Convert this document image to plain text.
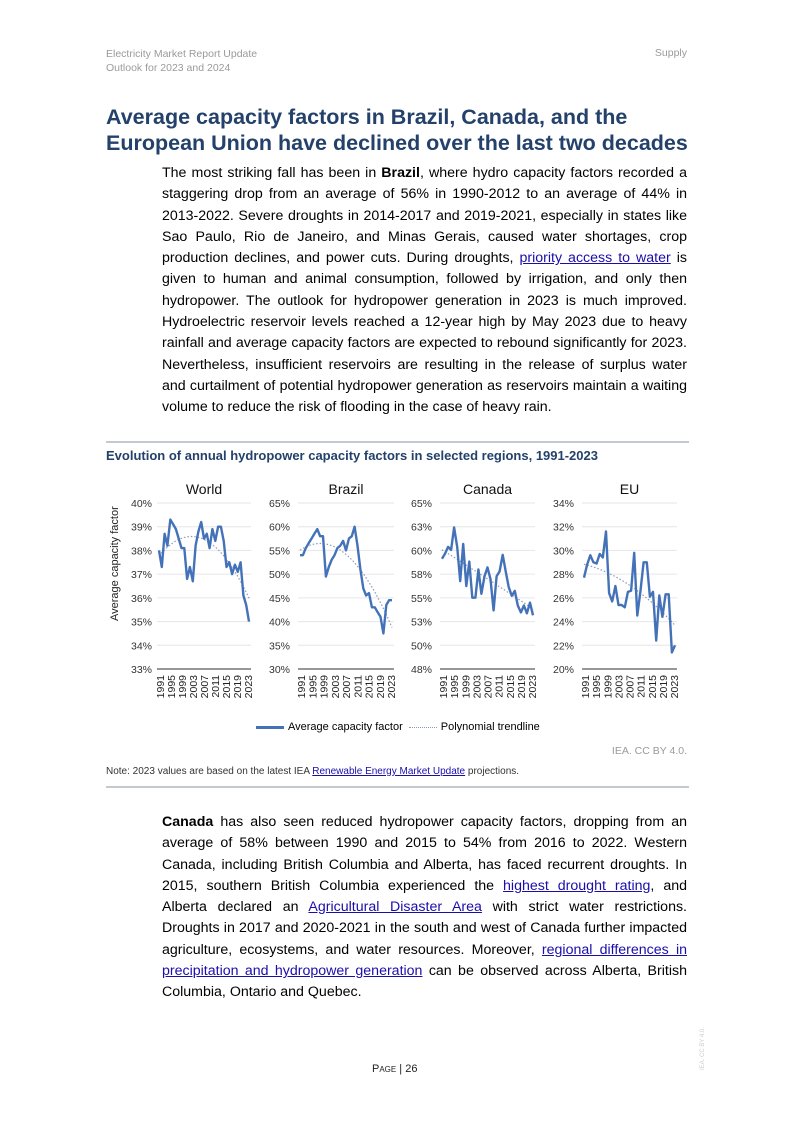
Electricity Market Report Update
Outlook for 2023 and 2024
Supply
Average capacity factors in Brazil, Canada, and the European Union have declined over the last two decades

The most striking fall has been in Brazil, where hydro capacity factors recorded a staggering drop from an average of 56% in 1990-2012 to an average of 44% in 2013-2022. Severe droughts in 2014-2017 and 2019-2021, especially in states like Sao Paulo, Rio de Janeiro, and Minas Gerais, caused water shortages, crop production declines, and power cuts. During droughts, priority access to water is given to human and animal consumption, followed by irrigation, and only then hydropower. The outlook for hydropower generation in 2023 is much improved. Hydroelectric reservoir levels reached a 12-year high by May 2023 due to heavy rainfall and average capacity factors are expected to rebound significantly for 2023. Nevertheless, insufficient reservoirs are resulting in the release of surplus water and curtailment of potential hydropower generation as reservoirs maintain a waiting volume to reduce the risk of flooding in the case of heavy rain.

Evolution of annual hydropower capacity factors in selected regions, 1991-2023
Average capacity factor
World
40%
39%
38%
37%
36%
35%
34%
33%
1991 1995 1999 2003 2007 2011 2015 2019 2023
Brazil
65%
60%
55%
50%
45%
40%
35%
30%
1991 1995 1999 2003 2007 2011 2015 2019 2023
Canada
65%
63%
60%
58%
55%
53%
50%
48%
1991 1995 1999 2003 2007 2011 2015 2019 2023
EU
34%
32%
30%
28%
26%
24%
22%
20%
1991 1995 1999 2003 2007 2011 2015 2019 2023
Average capacity factor	Polynomial trendline
IEA. CC BY 4.0.
Note: 2023 values are based on the latest IEA Renewable Energy Market Update projections.

Canada has also seen reduced hydropower capacity factors, dropping from an average of 58% between 1990 and 2015 to 54% from 2016 to 2022. Western Canada, including British Columbia and Alberta, has faced recurrent droughts. In 2015, southern British Columbia experienced the highest drought rating, and Alberta declared an Agricultural Disaster Area with strict water restrictions. Droughts in 2017 and 2020-2021 in the south and west of Canada further impacted agriculture, ecosystems, and water resources. Moreover, regional differences in precipitation and hydropower generation can be observed across Alberta, British Columbia, Ontario and Quebec.

Page | 26	IEA. CC BY 4.0.
